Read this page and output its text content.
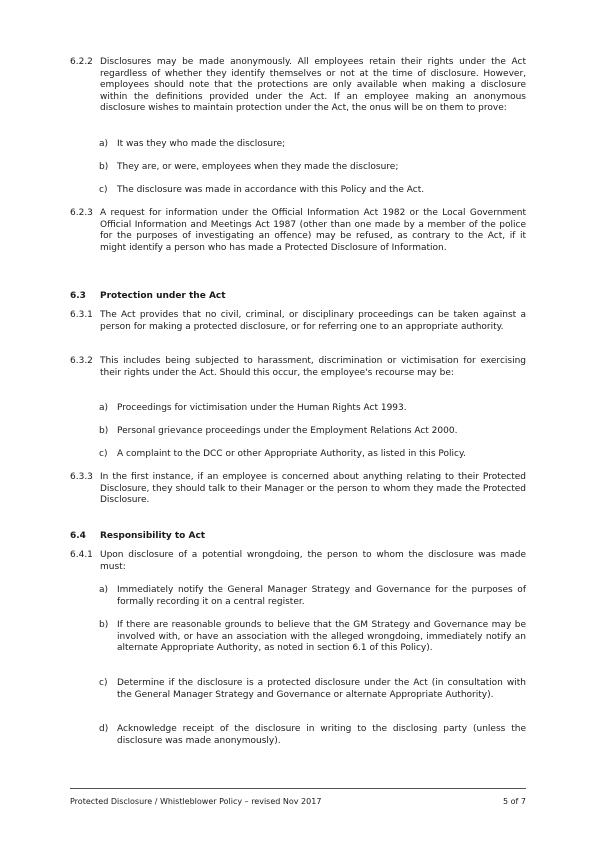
6.2.2 Disclosures may be made anonymously. All employees retain their rights under the Act regardless of whether they identify themselves or not at the time of disclosure. However, employees should note that the protections are only available when making a disclosure within the definitions provided under the Act. If an employee making an anonymous disclosure wishes to maintain protection under the Act, the onus will be on them to prove:
a) It was they who made the disclosure;
b) They are, or were, employees when they made the disclosure;
c)	The disclosure was made in accordance with this Policy and the Act.
6.2.3 A request for information under the Official Information Act 1982 or the Local Government Official Information and Meetings Act 1987 (other than one made by a member of the police for the purposes of investigating an offence) may be refused, as contrary to the Act, if it might identify a person who has made a Protected Disclosure of Information.
6.3 Protection under the Act
6.3.1 The Act provides that no civil, criminal, or disciplinary proceedings can be taken against a person for making a protected disclosure, or for referring one to an appropriate authority.
6.3.2 This includes being subjected to harassment, discrimination or victimisation for exercising their rights under the Act. Should this occur, the employee's recourse may be:
a) Proceedings for victimisation under the Human Rights Act 1993.
b) Personal grievance proceedings under the Employment Relations Act 2000.
c)	A complaint to the DCC or other Appropriate Authority, as listed in this Policy.
6.3.3 In the first instance, if an employee is concerned about anything relating to their Protected Disclosure, they should talk to their Manager or the person to whom they made the Protected Disclosure.
6.4 Responsibility to Act
6.4.1 Upon disclosure of a potential wrongdoing, the person to whom the disclosure was made must:
a) Immediately notify the General Manager Strategy and Governance for the purposes of formally recording it on a central register.
b) If there are reasonable grounds to believe that the GM Strategy and Governance may be involved with, or have an association with the alleged wrongdoing, immediately notify an alternate Appropriate Authority, as noted in section 6.1 of this Policy).
c)	Determine if the disclosure is a protected disclosure under the Act (in consultation with the General Manager Strategy and Governance or alternate Appropriate Authority).
d) Acknowledge receipt of the disclosure in writing to the disclosing party (unless the disclosure was made anonymously).
Protected Disclosure / Whistleblower Policy – revised Nov 2017	5 of 7
